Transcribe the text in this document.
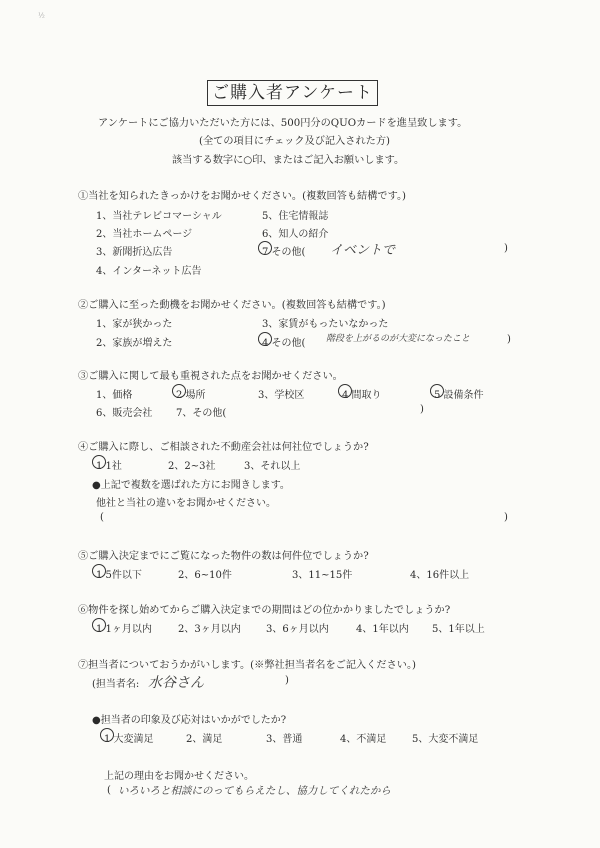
½
ご購入者アンケート
アンケートにご協力いただいた方には、500円分のQUOカードを進呈致します。
(全ての項目にチェック及び記入された方)
該当する数字に○印、またはご記入お願いします。
①当社を知られたきっかけをお聞かせください。(複数回答も結構です。)
1、当社テレビコマーシャル
2、当社ホームページ
3、新聞折込広告
4、インターネット広告
5、住宅情報誌
6、知人の紹介
7 その他( イベントで	)
②ご購入に至った動機をお聞かせください。(複数回答も結構です。)
1、家が狭かった
2、家族が増えた
3、家賃がもったいなかった
4 その他( 階段を上がるのが大変になったこと	)
③ご購入に関して最も重視された点をお聞かせください。
1、価格	2 場所	3、学校区	4 間取り	5 設備条件
6、販売会社 7、その他(	)
④ご購入に際し、ご相談された不動産会社は何社位でしょうか?
1 1社	2、2~3社	3、それ以上
●上記で複数を選ばれた方にお聞きします。
他社と当社の違いをお聞かせください。
(	)
⑤ご購入決定までにご覧になった物件の数は何件位でしょうか?
1 5件以下	2、6~10件	3、11~15件	4、16件以上
⑥物件を探し始めてからご購入決定までの期間はどの位かかりましたでしょうか?
1 1ヶ月以内	2、3ヶ月以内	3、6ヶ月以内	4、1年以内 5、1年以上
⑦担当者についておうかがいします。(※弊社担当者名をご記入ください。)
(担当者名: 水谷さん	)
●担当者の印象及び応対はいかがでしたか?
1 大変満足	2、満足	3、普通	4、不満足	5、大変不満足
上記の理由をお聞かせください。
( いろいろと相談にのってもらえたし、協力してくれたから
